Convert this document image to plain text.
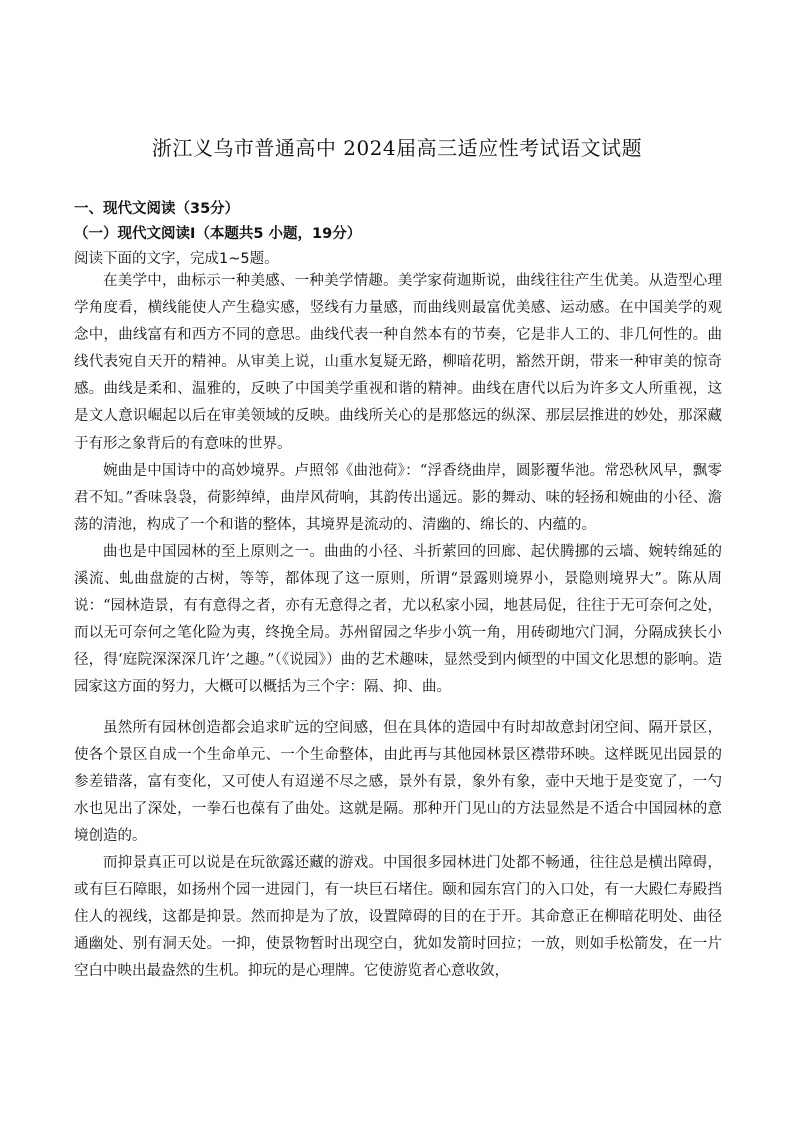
浙江义乌市普通高中 2024届高三适应性考试语文试题
一、现代文阅读（35分）
（一）现代文阅读Ⅰ（本题共5 小题，19分）
阅读下面的文字，完成1~5题。

在美学中，曲标示一种美感、一种美学情趣。美学家荷迦斯说，曲线往往产生优美。从造型心理学角度看，横线能使人产生稳实感，竖线有力量感，而曲线则最富优美感、运动感。在中国美学的观念中，曲线富有和西方不同的意思。曲线代表一种自然本有的节奏，它是非人工的、非几何性的。曲线代表宛自天开的精神。从审美上说，山重水复疑无路，柳暗花明，豁然开朗，带来一种审美的惊奇感。曲线是柔和、温雅的，反映了中国美学重视和谐的精神。曲线在唐代以后为许多文人所重视，这是文人意识崛起以后在审美领域的反映。曲线所关心的是那悠远的纵深、那层层推进的妙处，那深藏于有形之象背后的有意味的世界。

婉曲是中国诗中的高妙境界。卢照邻《曲池荷》：“浮香绕曲岸，圆影覆华池。常恐秋风早，飘零君不知。”香味袅袅，荷影绰绰，曲岸风荷响，其韵传出遥远。影的舞动、味的轻扬和婉曲的小径、澹荡的清池，构成了一个和谐的整体，其境界是流动的、清幽的、绵长的、内蕴的。

曲也是中国园林的至上原则之一。曲曲的小径、斗折萦回的回廊、起伏腾挪的云墙、婉转绵延的溪流、虬曲盘旋的古树，等等，都体现了这一原则，所谓“景露则境界小，景隐则境界大”。陈从周说：“园林造景，有有意得之者，亦有无意得之者，尤以私家小园，地甚局促，往往于无可奈何之处，而以无可奈何之笔化险为夷，终挽全局。苏州留园之华步小筑一角，用砖砌地穴门洞，分隔成狭长小径，得‘庭院深深深几许’之趣。”（《说园》）曲的艺术趣味，显然受到内倾型的中国文化思想的影响。造园家这方面的努力，大概可以概括为三个字：隔、抑、曲。

虽然所有园林创造都会追求旷远的空间感，但在具体的造园中有时却故意封闭空间、隔开景区，使各个景区自成一个生命单元、一个生命整体，由此再与其他园林景区襟带环映。这样既见出园景的参差错落，富有变化，又可使人有迢递不尽之感，景外有景，象外有象，壶中天地于是变宽了，一勺水也见出了深处，一拳石也葆有了曲处。这就是隔。那种开门见山的方法显然是不适合中国园林的意境创造的。

而抑景真正可以说是在玩欲露还藏的游戏。中国很多园林进门处都不畅通，往往总是横出障碍，或有巨石障眼，如扬州个园一进园门，有一块巨石堵住。颐和园东宫门的入口处，有一大殿仁寿殿挡住人的视线，这都是抑景。然而抑是为了放，设置障碍的目的在于开。其命意正在柳暗花明处、曲径通幽处、别有洞天处。一抑，使景物暂时出现空白，犹如发箭时回拉；一放，则如手松箭发，在一片空白中映出最盎然的生机。抑玩的是心理牌。它使游览者心意收敛，
